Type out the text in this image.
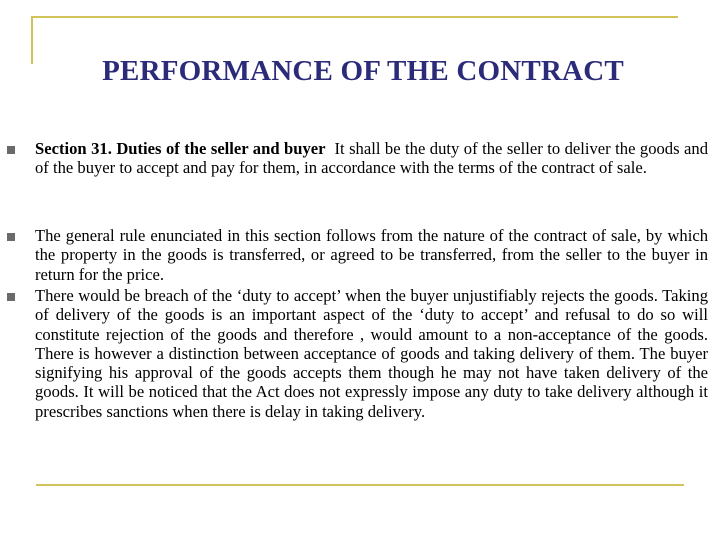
PERFORMANCE OF THE CONTRACT

Section 31. Duties of the seller and buyer It shall be the duty of the seller to deliver the goods and of the buyer to accept and pay for them, in accordance with the terms of the contract of sale.

The general rule enunciated in this section follows from the nature of the contract of sale, by which the property in the goods is transferred, or agreed to be transferred, from the seller to the buyer in return for the price.

There would be breach of the ‘duty to accept’ when the buyer unjustifiably rejects the goods. Taking of delivery of the goods is an important aspect of the ‘duty to accept’ and refusal to do so will constitute rejection of the goods and therefore , would amount to a non-acceptance of the goods. There is however a distinction between acceptance of goods and taking delivery of them. The buyer signifying his approval of the goods accepts them though he may not have taken delivery of the goods. It will be noticed that the Act does not expressly impose any duty to take delivery although it prescribes sanctions when there is delay in taking delivery.
